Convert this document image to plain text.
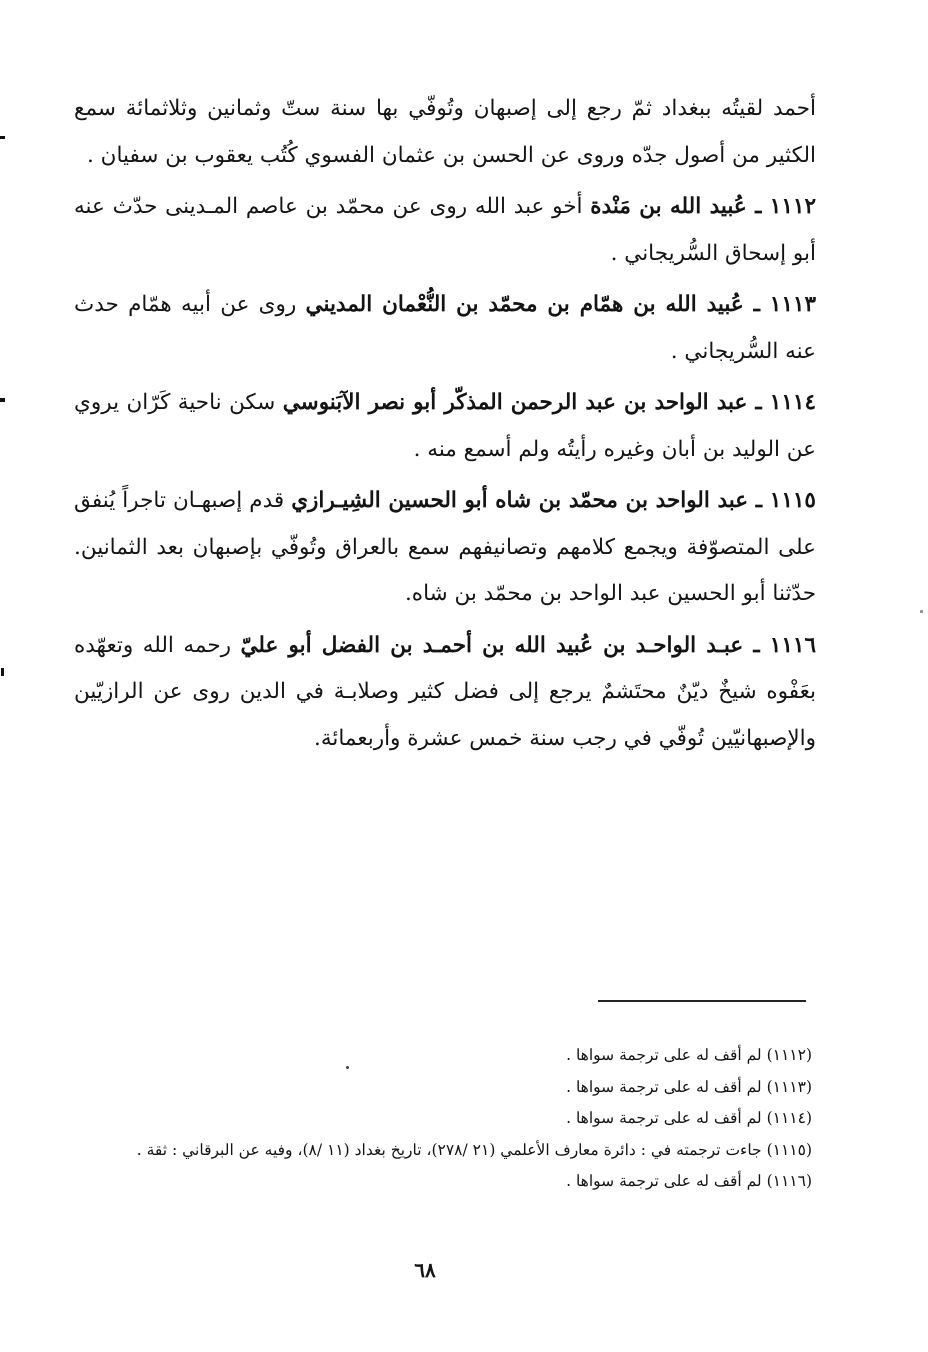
أحمد لقيتُه ببغداد ثمّ رجع إلى إصبهان وتُوفّي بها سنة ستّ وثمانين وثلاثمائة سمع الكثير من أصول جدّه وروى عن الحسن بن عثمان الفسوي كُتُب يعقوب بن سفيان .

١١١٢ ـ عُبيد الله بن مَنْدة أخو عبد الله روى عن محمّد بن عاصم المـدينى حدّث عنه أبو إسحاق السُّريجاني .

١١١٣ ـ عُبيد الله بن همّام بن محمّد بن النُّعْمان المديني روى عن أبيه همّام حدث عنه السُّريجاني .

١١١٤ ـ عبد الواحد بن عبد الرحمن المذكّر أبو نصر الآبَنوسي سكن ناحية كَرّان يروي عن الوليد بن أبان وغيره رأيتُه ولم أسمع منه .

١١١٥ ـ عبد الواحد بن محمّد بن شاه أبو الحسين الشِيـرازي قدم إصبهـان تاجراً يُنفق على المتصوّفة ويجمع كلامهم وتصانيفهم سمع بالعراق وتُوفّي بإصبهان بعد الثمانين. حدّثنا أبو الحسين عبد الواحد بن محمّد بن شاه.

١١١٦ ـ عبـد الواحـد بن عُبيد الله بن أحمـد بن الفضل أبو عليّ رحمه الله وتعهّده بعَفْوه شيخٌ ديّنٌ محتَشمٌ يرجع إلى فضل كثير وصلابـة في الدين روى عن الرازيّين والإصبهانيّين تُوفّي في رجب سنة خمس عشرة وأربعمائة.

(١١١٢) لم أقف له على ترجمة سواها .

(١١١٣) لم أقف له على ترجمة سواها .

(١١١٤) لم أقف له على ترجمة سواها .

(١١١٥) جاءت ترجمته في : دائرة معارف الأعلمي (٢١ /٢٧٨)، تاريخ بغداد (١١ /٨)، وفيه عن البرقاني : ثقة .

(١١١٦) لم أقف له على ترجمة سواها .

٦٨
